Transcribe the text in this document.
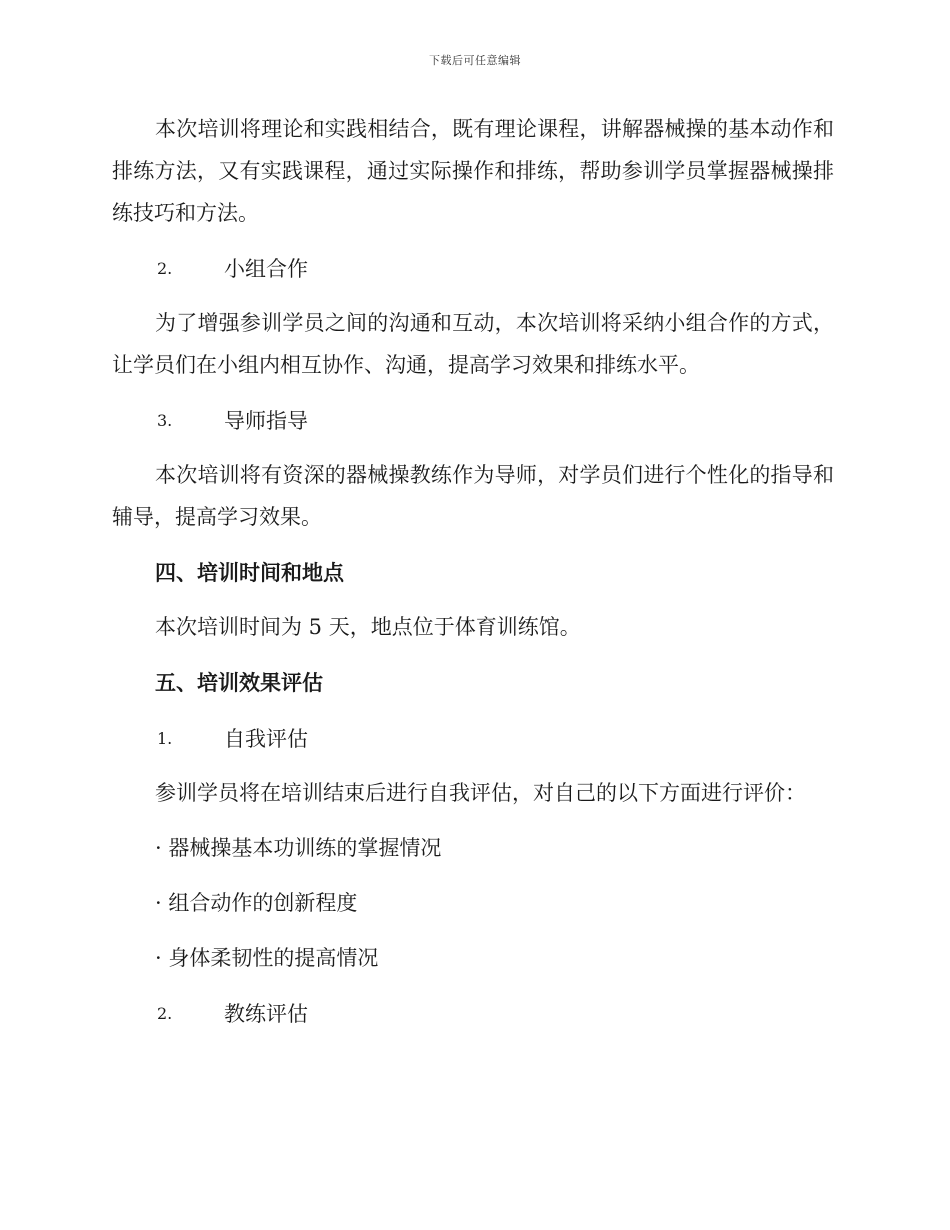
下载后可任意编辑

本次培训将理论和实践相结合，既有理论课程，讲解器械操的基本动作和排练方法，又有实践课程，通过实际操作和排练，帮助参训学员掌握器械操排练技巧和方法。

2. 小组合作

为了增强参训学员之间的沟通和互动，本次培训将采纳小组合作的方式，让学员们在小组内相互协作、沟通，提高学习效果和排练水平。

3. 导师指导

本次培训将有资深的器械操教练作为导师，对学员们进行个性化的指导和辅导，提高学习效果。

四、培训时间和地点

本次培训时间为 5 天，地点位于体育训练馆。

五、培训效果评估
1. 自我评估

参训学员将在培训结束后进行自我评估，对自己的以下方面进行评价：

· 器械操基本功训练的掌握情况
· 组合动作的创新程度
· 身体柔韧性的提高情况
2. 教练评估
